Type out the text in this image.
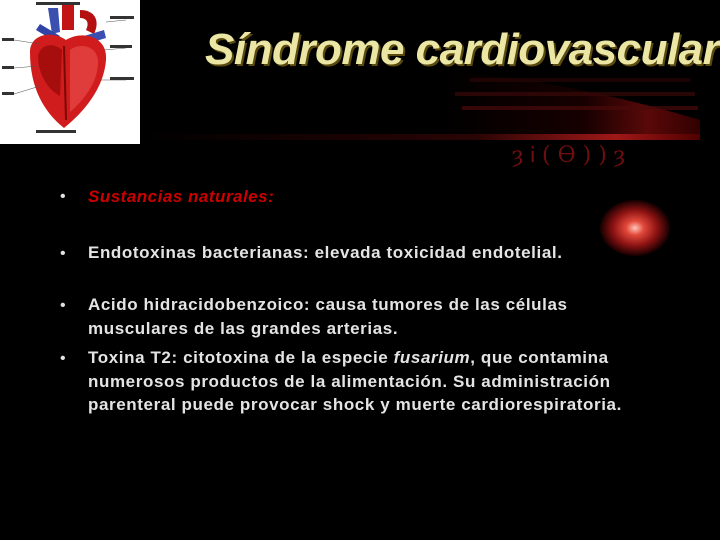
ȝ Ꭵ ( Ɵ ) ) ȝ
Síndrome cardiovascular
•	Sustancias naturales:
•	Endotoxinas bacterianas: elevada toxicidad endotelial.
•	Acido hidracidobenzoico: causa tumores de las células musculares de las grandes arterias.
•	Toxina T2: citotoxina de la especie fusarium, que contamina numerosos productos de la alimentación. Su administración parenteral puede provocar shock y muerte cardiorespiratoria.
